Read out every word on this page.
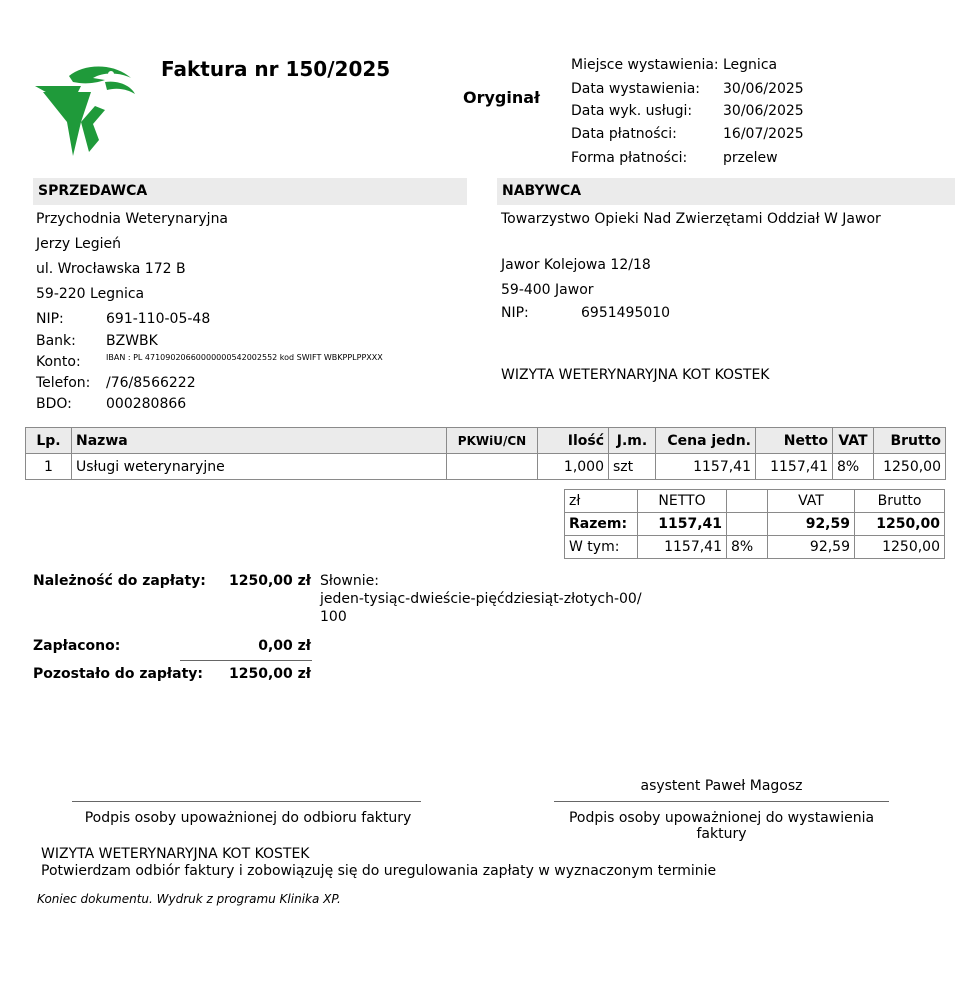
Faktura nr 150/2025
Oryginał
Miejsce wystawienia: Legnica
Data wystawienia: 30/06/2025
Data wyk. usługi: 30/06/2025
Data płatności:	16/07/2025
Forma płatności:	przelew
SPRZEDAWCA
Przychodnia Weterynaryjna
Jerzy Legień
ul. Wrocławska 172 B
59-220 Legnica
NIP:	691-110-05-48
Bank: BZWBK
Konto:	IBAN : PL 47109020660000000542002552 kod SWIFT WBKPPLPPXXX
Telefon: /76/8566222
BDO: 000280866
NABYWCA
Towarzystwo Opieki Nad Zwierzętami Oddział W Jawor
Jawor Kolejowa 12/18
59-400 Jawor
NIP:	6951495010
WIZYTA WETERYNARYJNA KOT KOSTEK
Lp.	Nazwa	PKWiU/CN	Ilość	J.m.	Cena jedn.	Netto	VAT	Brutto
1	Usługi weterynaryjne		1,000	szt	1157,41	1157,41	8%	1250,00
zł	NETTO		VAT	Brutto
Razem:	1157,41		92,59	1250,00
W tym:	1157,41	8%	92,59	1250,00
Należność do zapłaty:	1250,00 zł Słownie:
jeden-tysiąc-dwieście-pięćdziesiąt-złotych-00/
100
Zapłacono:	0,00 zł
Pozostało do zapłaty:	1250,00 zł
asystent Paweł Magosz
Podpis osoby upoważnionej do odbioru faktury	Podpis osoby upoważnionej do wystawienia
faktury
WIZYTA WETERYNARYJNA KOT KOSTEK
Potwierdzam odbiór faktury i zobowiązuję się do uregulowania zapłaty w wyznaczonym terminie
Koniec dokumentu. Wydruk z programu Klinika XP.
